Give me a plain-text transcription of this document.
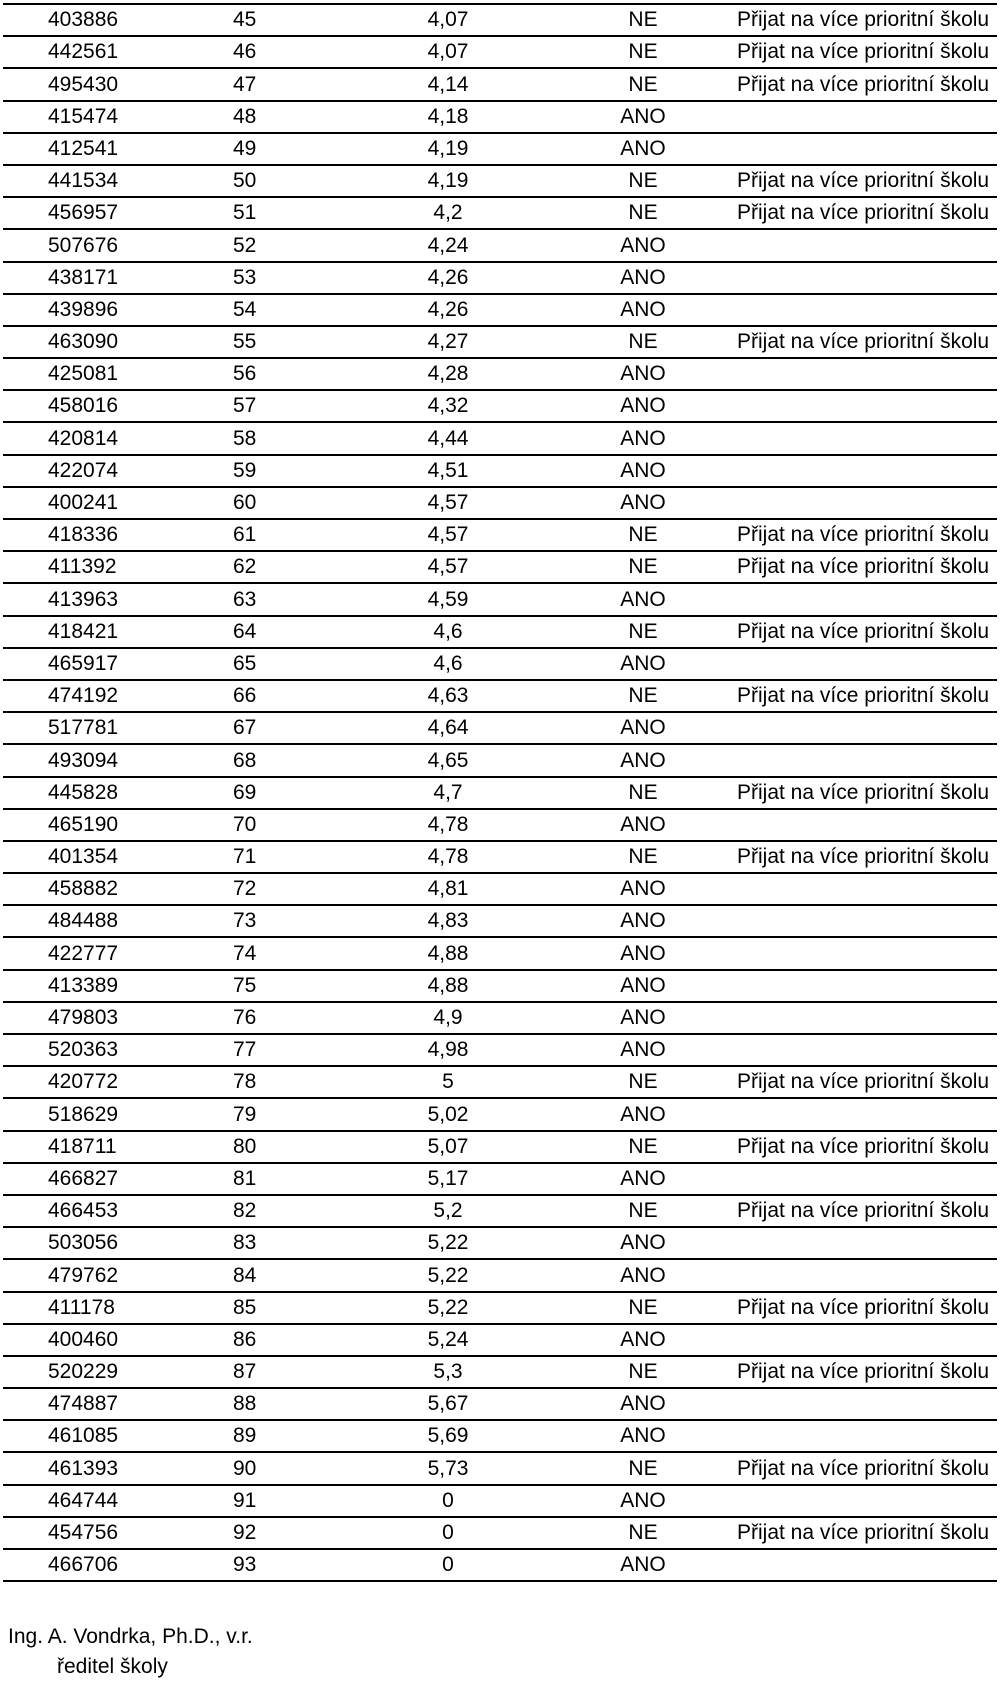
403886	45	4,07	NE	Přijat na více prioritní školu
442561	46	4,07	NE	Přijat na více prioritní školu
495430	47	4,14	NE	Přijat na více prioritní školu
415474	48	4,18	ANO	
412541	49	4,19	ANO	
441534	50	4,19	NE	Přijat na více prioritní školu
456957	51	4,2	NE	Přijat na více prioritní školu
507676	52	4,24	ANO	
438171	53	4,26	ANO	
439896	54	4,26	ANO	
463090	55	4,27	NE	Přijat na více prioritní školu
425081	56	4,28	ANO	
458016	57	4,32	ANO	
420814	58	4,44	ANO	
422074	59	4,51	ANO	
400241	60	4,57	ANO	
418336	61	4,57	NE	Přijat na více prioritní školu
411392	62	4,57	NE	Přijat na více prioritní školu
413963	63	4,59	ANO	
418421	64	4,6	NE	Přijat na více prioritní školu
465917	65	4,6	ANO	
474192	66	4,63	NE	Přijat na více prioritní školu
517781	67	4,64	ANO	
493094	68	4,65	ANO	
445828	69	4,7	NE	Přijat na více prioritní školu
465190	70	4,78	ANO	
401354	71	4,78	NE	Přijat na více prioritní školu
458882	72	4,81	ANO	
484488	73	4,83	ANO	
422777	74	4,88	ANO	
413389	75	4,88	ANO	
479803	76	4,9	ANO	
520363	77	4,98	ANO	
420772	78	5	NE	Přijat na více prioritní školu
518629	79	5,02	ANO	
418711	80	5,07	NE	Přijat na více prioritní školu
466827	81	5,17	ANO	
466453	82	5,2	NE	Přijat na více prioritní školu
503056	83	5,22	ANO	
479762	84	5,22	ANO	
411178	85	5,22	NE	Přijat na více prioritní školu
400460	86	5,24	ANO	
520229	87	5,3	NE	Přijat na více prioritní školu
474887	88	5,67	ANO	
461085	89	5,69	ANO	
461393	90	5,73	NE	Přijat na více prioritní školu
464744	91	0	ANO	
454756	92	0	NE	Přijat na více prioritní školu
466706	93	0	ANO	
Ing. A. Vondrka, Ph.D., v.r.
ředitel školy
